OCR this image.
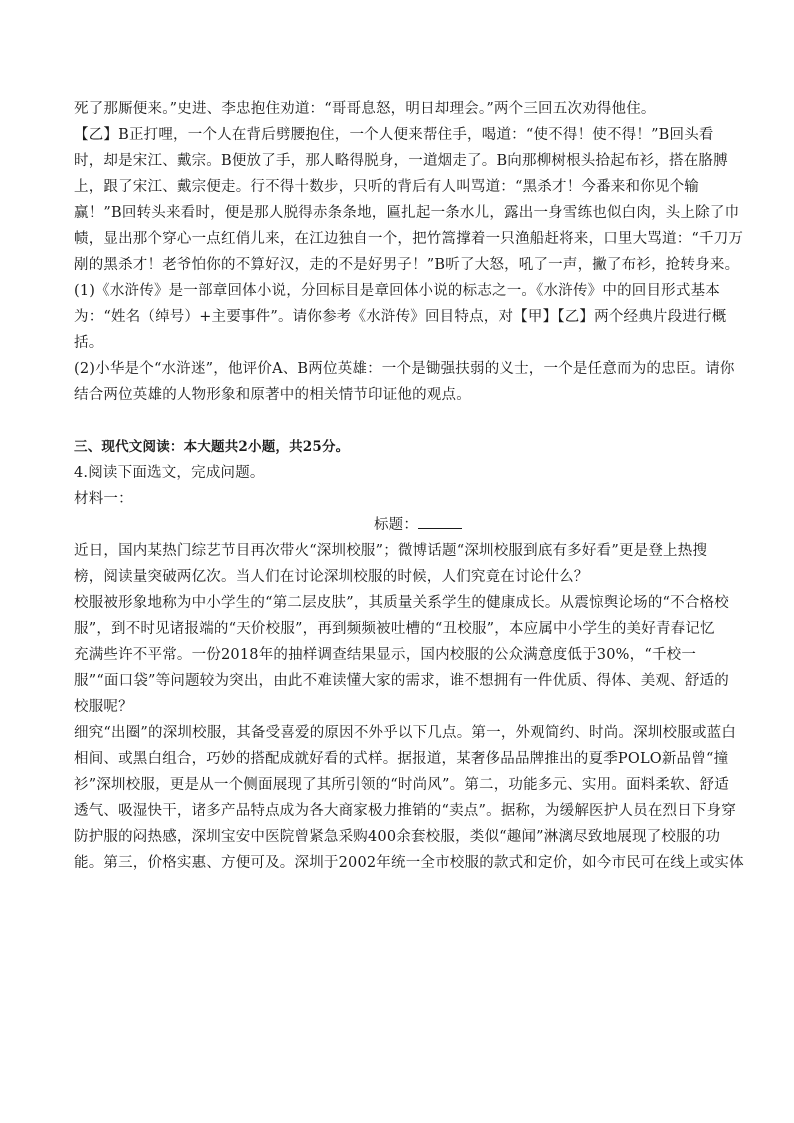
死了那厮便来。”史进、李忠抱住劝道：“哥哥息怒，明日却理会。”两个三回五次劝得他住。

【乙】B正打哩，一个人在背后劈腰抱住，一个人便来帮住手，喝道：“使不得！使不得！”B回头看

时，却是宋江、戴宗。B便放了手，那人略得脱身，一道烟走了。B向那柳树根头拾起布衫，搭在胳膊

上，跟了宋江、戴宗便走。行不得十数步，只听的背后有人叫骂道：“黑杀才！今番来和你见个输

赢！”B回转头来看时，便是那人脱得赤条条地，匾扎起一条水儿，露出一身雪练也似白肉，头上除了巾

帻，显出那个穿心一点红俏儿来，在江边独自一个，把竹篙撑着一只渔船赶将来，口里大骂道：“千刀万

剐的黑杀才！老爷怕你的不算好汉，走的不是好男子！”B听了大怒，吼了一声，撇了布衫，抢转身来。

(1)《水浒传》是一部章回体小说，分回标目是章回体小说的标志之一。《水浒传》中的回目形式基本

为：“姓名（绰号）+主要事件”。请你参考《水浒传》回目特点，对【甲】【乙】两个经典片段进行概

括。

(2)小华是个“水浒迷”，他评价A、B两位英雄：一个是锄强扶弱的义士，一个是任意而为的忠臣。请你

结合两位英雄的人物形象和原著中的相关情节印证他的观点。

三、现代文阅读：本大题共2小题，共25分。

4.阅读下面选文，完成问题。

材料一：

标题：

近日，国内某热门综艺节目再次带火“深圳校服”；微博话题“深圳校服到底有多好看”更是登上热搜

榜，阅读量突破两亿次。当人们在讨论深圳校服的时候，人们究竟在讨论什么？

校服被形象地称为中小学生的“第二层皮肤”，其质量关系学生的健康成长。从震惊舆论场的“不合格校

服”，到不时见诸报端的“天价校服”，再到频频被吐槽的“丑校服”，本应属中小学生的美好青春记忆

充满些许不平常。一份2018年的抽样调查结果显示，国内校服的公众满意度低于30%，“千校一

服”“面口袋”等问题较为突出，由此不难读懂大家的需求，谁不想拥有一件优质、得体、美观、舒适的

校服呢？

细究“出圈”的深圳校服，其备受喜爱的原因不外乎以下几点。第一，外观简约、时尚。深圳校服或蓝白

相间、或黑白组合，巧妙的搭配成就好看的式样。据报道，某奢侈品品牌推出的夏季POLO新品曾“撞

衫”深圳校服，更是从一个侧面展现了其所引领的“时尚风”。第二，功能多元、实用。面料柔软、舒适

透气、吸湿快干，诸多产品特点成为各大商家极力推销的“卖点”。据称，为缓解医护人员在烈日下身穿

防护服的闷热感，深圳宝安中医院曾紧急采购400余套校服，类似“趣闻”淋漓尽致地展现了校服的功

能。第三，价格实惠、方便可及。深圳于2002年统一全市校服的款式和定价，如今市民可在线上或实体
